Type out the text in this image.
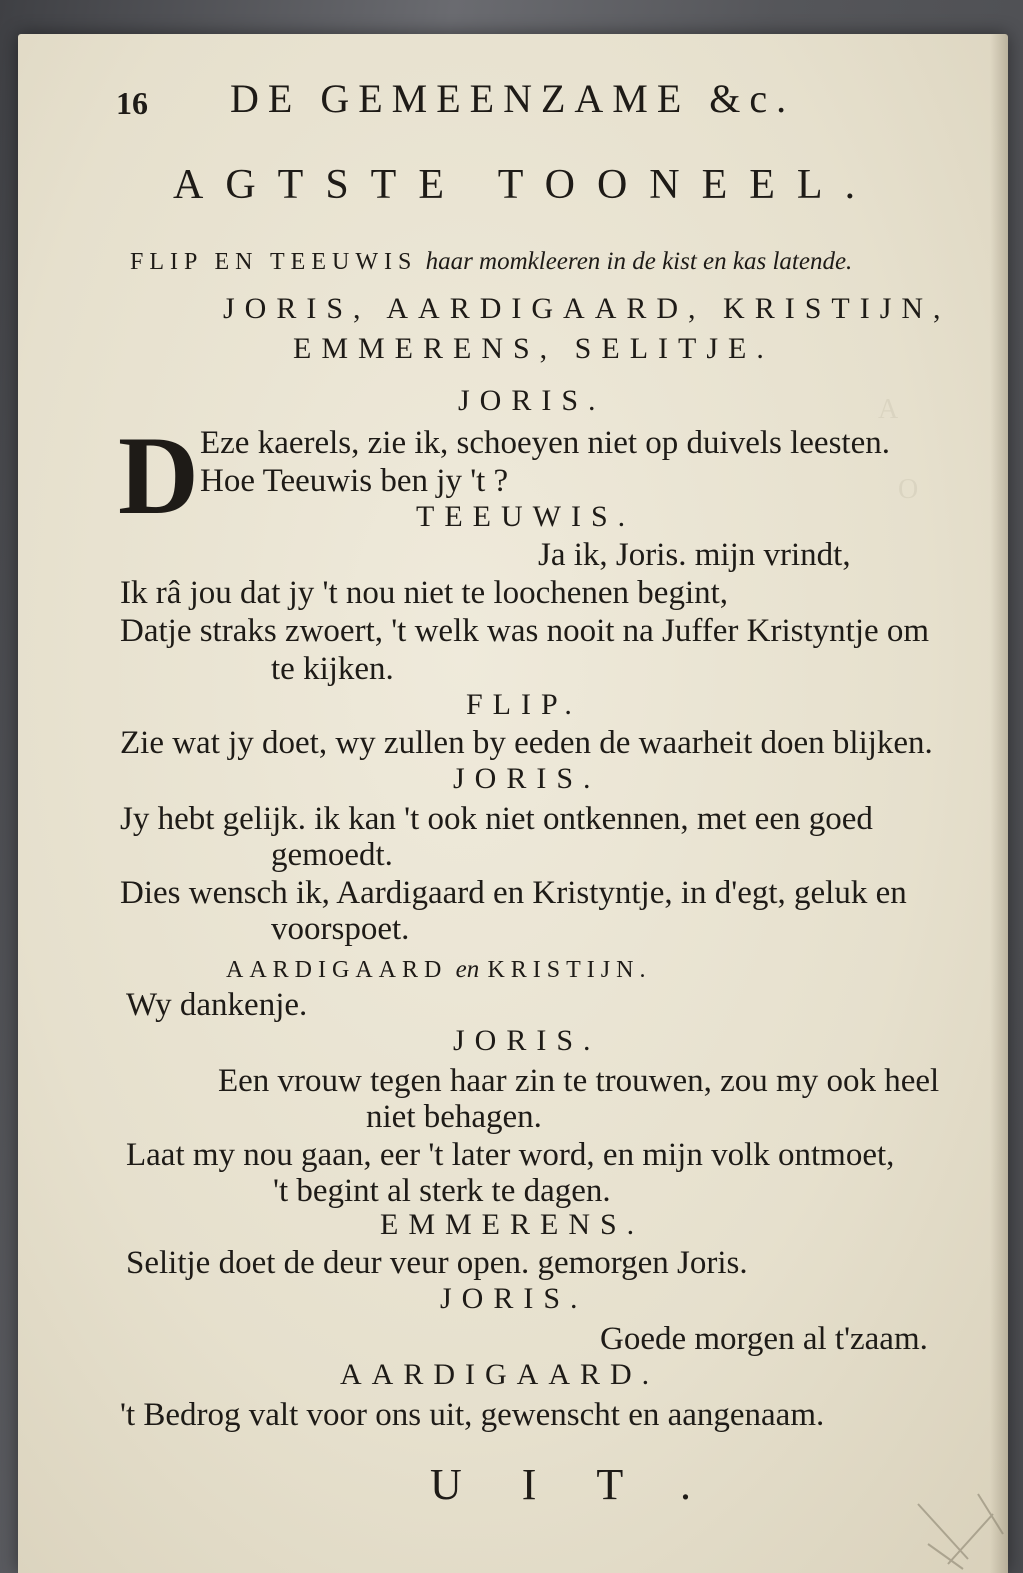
A
O
16 DE GEMEENZAME &c.
AGTSTE TOONEEL.
FLIP EN TEEUWIS haar momkleeren in de kist en kas latende.
JORIS, AARDIGAARD, KRISTIJN,
EMMERENS, SELITJE.
JORIS.
D Eze kaerels, zie ik, schoeyen niet op duivels leesten.
Hoe Teeuwis ben jy 't ?
TEEUWIS.
Ja ik, Joris. mijn vrindt,
Ik râ jou dat jy 't nou niet te loochenen begint,
Datje straks zwoert, 't welk was nooit na Juffer Kristyntje om
te kijken.
FLIP.
Zie wat jy doet, wy zullen by eeden de waarheit doen blijken.
JORIS.
Jy hebt gelijk. ik kan 't ook niet ontkennen, met een goed
gemoedt.
Dies wensch ik, Aardigaard en Kristyntje, in d'egt, geluk en
voorspoet.
AARDIGAARD en KRISTIJN.
Wy dankenje.
JORIS.
Een vrouw tegen haar zin te trouwen, zou my ook heel
niet behagen.
Laat my nou gaan, eer 't later word, en mijn volk ontmoet,
't begint al sterk te dagen.
EMMERENS.
Selitje doet de deur veur open. gemorgen Joris.
JORIS.
Goede morgen al t'zaam.
AARDIGAARD.
't Bedrog valt voor ons uit, gewenscht en aangenaam.
UIT.
